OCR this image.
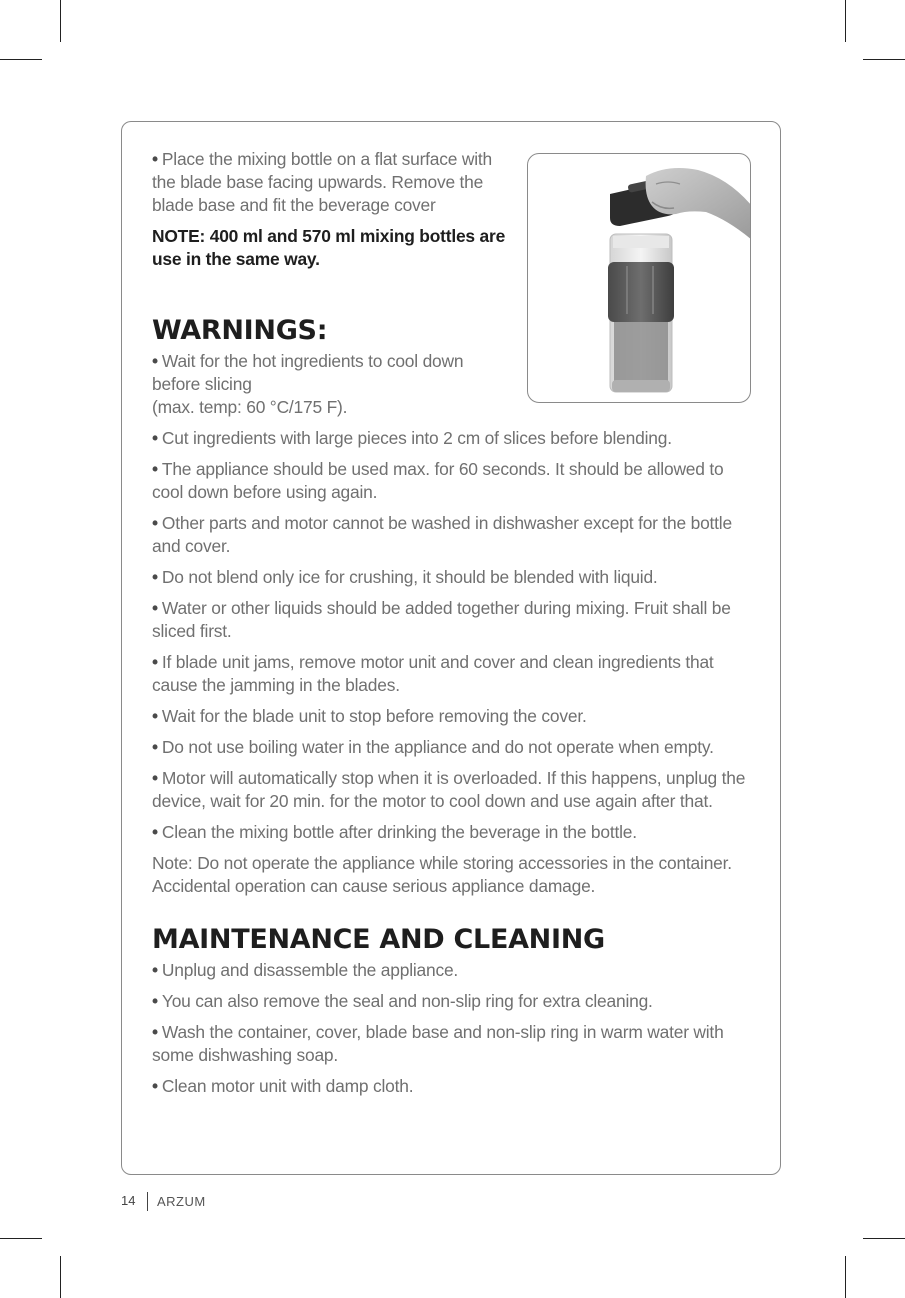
• Place the mixing bottle on a flat surface with the blade base facing upwards. Remove the blade base and fit the beverage cover

NOTE: 400 ml and 570 ml mixing bottles are use in the same way.

WARNINGS:

• Wait for the hot ingredients to cool down before slicing
(max. temp: 60 °C/175 F).

• Cut ingredients with large pieces into 2 cm of slices before blending.

• The appliance should be used max. for 60 seconds. It should be allowed to cool down before using again.

• Other parts and motor cannot be washed in dishwasher except for the bottle and cover.

• Do not blend only ice for crushing, it should be blended with liquid.

• Water or other liquids should be added together during mixing. Fruit shall be sliced first.

• If blade unit jams, remove motor unit and cover and clean ingredients that cause the jamming in the blades.

• Wait for the blade unit to stop before removing the cover.

• Do not use boiling water in the appliance and do not operate when empty.

• Motor will automatically stop when it is overloaded. If this happens, unplug the device, wait for 20 min. for the motor to cool down and use again after that.

• Clean the mixing bottle after drinking the beverage in the bottle.

Note: Do not operate the appliance while storing accessories in the container. Accidental operation can cause serious appliance damage.

MAINTENANCE AND CLEANING

• Unplug and disassemble the appliance.

• You can also remove the seal and non-slip ring for extra cleaning.

• Wash the container, cover, blade base and non-slip ring in warm water with some dishwashing soap.

• Clean motor unit with damp cloth.

14 ARZUM
